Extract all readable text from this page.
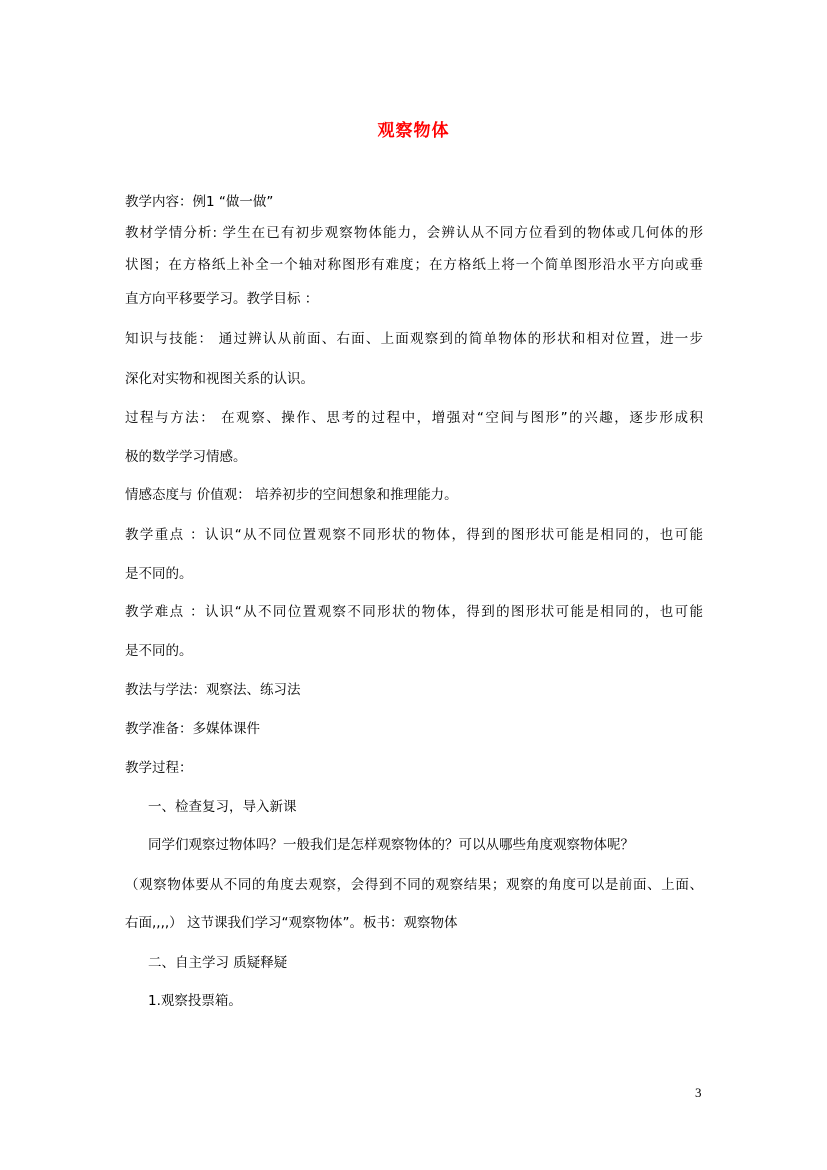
观察物体
教学内容：例1 “做一做”
教材学情分析: 学生在已有初步观察物体能力，会辨认从不同方位看到的物体或几何体的形
状图；在方格纸上补全一个轴对称图形有难度；在方格纸上将一个简单图形沿水平方向或垂
直方向平移要学习。教学目标 ：
知识与技能： 通过辨认从前面、右面、上面观察到的简单物体的形状和相对位置，进一步
深化对实物和视图关系的认识。
过程与方法： 在观察、操作、思考的过程中，增强对“空间与图形”的兴趣，逐步形成积
极的数学学习情感。
情感态度与 价值观： 培养初步的空间想象和推理能力。
教学重点 ：认识“从不同位置观察不同形状的物体，得到的图形状可能是相同的，也可能
是不同的。
教学难点 ：认识“从不同位置观察不同形状的物体，得到的图形状可能是相同的，也可能
是不同的。
教法与学法：观察法、练习法
教学准备：多媒体课件
教学过程：
一、检查复习，导入新课
同学们观察过物体吗？一般我们是怎样观察物体的？可以从哪些角度观察物体呢？
（观察物体要从不同的角度去观察，会得到不同的观察结果；观察的角度可以是前面、上面、
右面,,,,） 这节课我们学习“观察物体”。板书：观察物体
二、自主学习 质疑释疑
1.观察投票箱。
3
